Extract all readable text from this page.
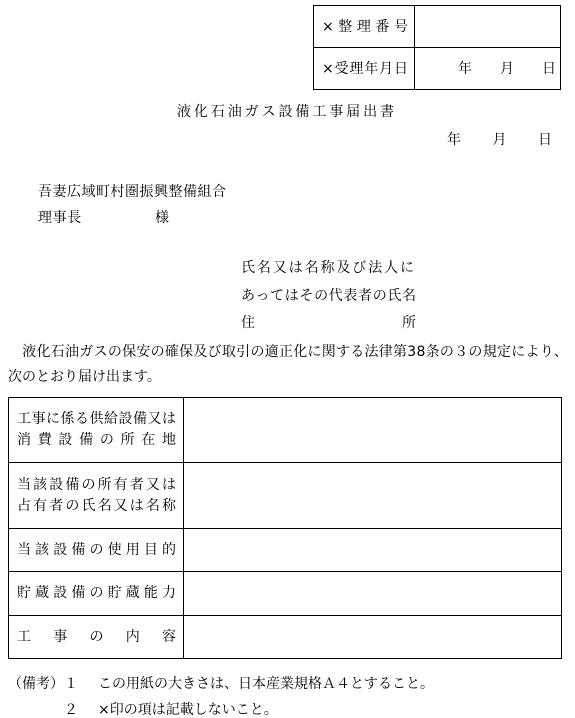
×整理番号
×受理年月日	年　　月　　日
液化石油ガス設備工事届出書
年　　月　　日
吾妻広域町村圏振興整備組合
理事長　　　　　様
氏名又は名称及び法人に
あってはその代表者の氏名
住所
　液化石油ガスの保安の確保及び取引の適正化に関する法律第38条の３の規定により、
次のとおり届け出ます。
工事に係る供給設備又は
消費設備の所在地
当該設備の所有者又は
占有者の氏名又は名称
当該設備の使用目的
貯蔵設備の貯蔵能力
工事の内容
（備考） １ この用紙の大きさは、日本産業規格Ａ４とすること。
２ ×印の項は記載しないこと。
